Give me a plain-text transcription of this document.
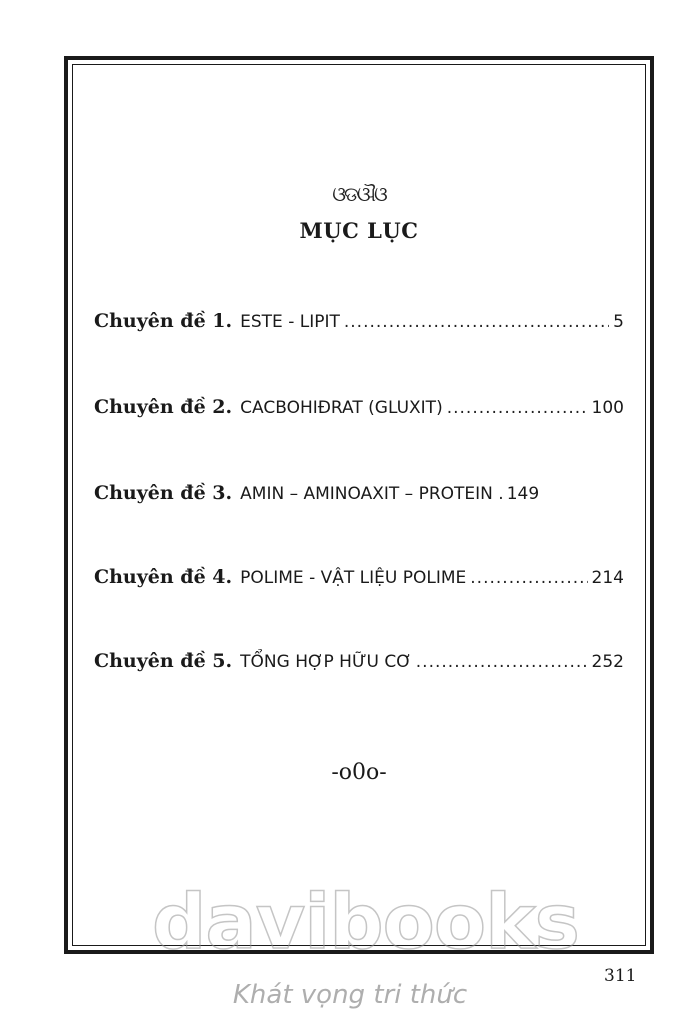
ଓଡଔଓ
MỤC LỤC
Chuyên đề 1. ESTE - LIPIT .....	5
Chuyên đề 2. CACBOHIĐRAT (GLUXIT) .....	100
Chuyên đề 3. AMIN – AMINOAXIT – PROTEIN . 149
Chuyên đề 4. POLIME - VẬT LIỆU POLIME .....	214
Chuyên đề 5. TỔNG HỢP HỮU CƠ .....	252
-o0o-
davibooks
311
Khát vọng tri thức
